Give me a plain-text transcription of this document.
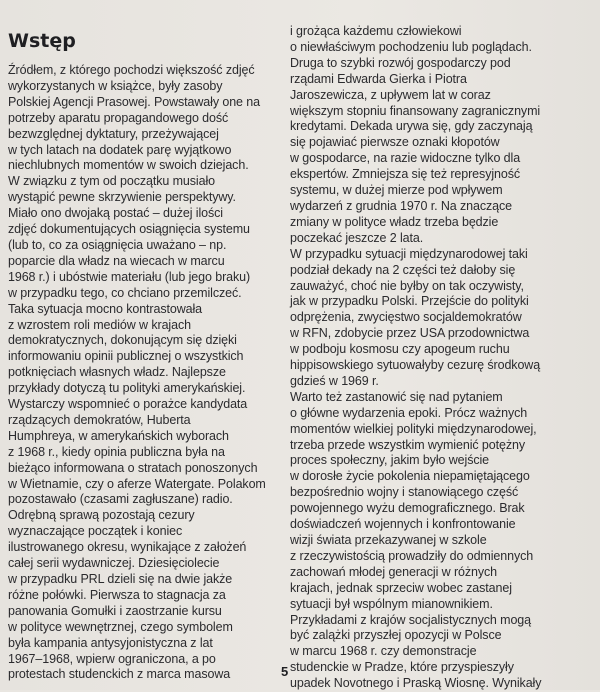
Wstęp
Źródłem, z którego pochodzi większość zdjęć
wykorzystanych w książce, były zasoby
Polskiej Agencji Prasowej. Powstawały one na
potrzeby aparatu propagandowego dość
bezwzględnej dyktatury, przeżywającej
w tych latach na dodatek parę wyjątkowo
niechlubnych momentów w swoich dziejach.
W związku z tym od początku musiało
wystąpić pewne skrzywienie perspektywy.
Miało ono dwojaką postać – dużej ilości
zdjęć dokumentujących osiągnięcia systemu
(lub to, co za osiągnięcia uważano – np.
poparcie dla władz na wiecach w marcu
1968 r.) i ubóstwie materiału (lub jego braku)
w przypadku tego, co chciano przemilczeć.
Taka sytuacja mocno kontrastowała
z wzrostem roli mediów w krajach
demokratycznych, dokonującym się dzięki
informowaniu opinii publicznej o wszystkich
potknięciach własnych władz. Najlepsze
przykłady dotyczą tu polityki amerykańskiej.
Wystarczy wspomnieć o porażce kandydata
rządzących demokratów, Huberta
Humphreya, w amerykańskich wyborach
z 1968 r., kiedy opinia publiczna była na
bieżąco informowana o stratach ponoszonych
w Wietnamie, czy o aferze Watergate. Polakom
pozostawało (czasami zagłuszane) radio.
Odrębną sprawą pozostają cezury
wyznaczające początek i koniec
ilustrowanego okresu, wynikające z założeń
całej serii wydawniczej. Dziesięciolecie
w przypadku PRL dzieli się na dwie jakże
różne połówki. Pierwsza to stagnacja za
panowania Gomułki i zaostrzanie kursu
w polityce wewnętrznej, czego symbolem
była kampania antysyjonistyczna z lat
1967–1968, wpierw ograniczona, a po
protestach studenckich z marca masowa
i grożąca każdemu człowiekowi
o niewłaściwym pochodzeniu lub poglądach.
Druga to szybki rozwój gospodarczy pod
rządami Edwarda Gierka i Piotra
Jaroszewicza, z upływem lat w coraz
większym stopniu finansowany zagranicznymi
kredytami. Dekada urywa się, gdy zaczynają
się pojawiać pierwsze oznaki kłopotów
w gospodarce, na razie widoczne tylko dla
ekspertów. Zmniejsza się też represyjność
systemu, w dużej mierze pod wpływem
wydarzeń z grudnia 1970 r. Na znaczące
zmiany w polityce władz trzeba będzie
poczekać jeszcze 2 lata.
W przypadku sytuacji międzynarodowej taki
podział dekady na 2 części też dałoby się
zauważyć, choć nie byłby on tak oczywisty,
jak w przypadku Polski. Przejście do polityki
odprężenia, zwycięstwo socjaldemokratów
w RFN, zdobycie przez USA przodownictwa
w podboju kosmosu czy apogeum ruchu
hippisowskiego sytuowałyby cezurę środkową
gdzieś w 1969 r.
Warto też zastanowić się nad pytaniem
o główne wydarzenia epoki. Prócz ważnych
momentów wielkiej polityki międzynarodowej,
trzeba przede wszystkim wymienić potężny
proces społeczny, jakim było wejście
w dorosłe życie pokolenia niepamiętającego
bezpośrednio wojny i stanowiącego część
powojennego wyżu demograficznego. Brak
doświadczeń wojennych i konfrontowanie
wizji świata przekazywanej w szkole
z rzeczywistością prowadziły do odmiennych
zachowań młodej generacji w różnych
krajach, jednak sprzeciw wobec zastanej
sytuacji był wspólnym mianownikiem.
Przykładami z krajów socjalistycznych mogą
być zalążki przyszłej opozycji w Polsce
w marcu 1968 r. czy demonstracje
studenckie w Pradze, które przyspieszyły
upadek Novotnego i Praską Wiosnę. Wynikały
5
